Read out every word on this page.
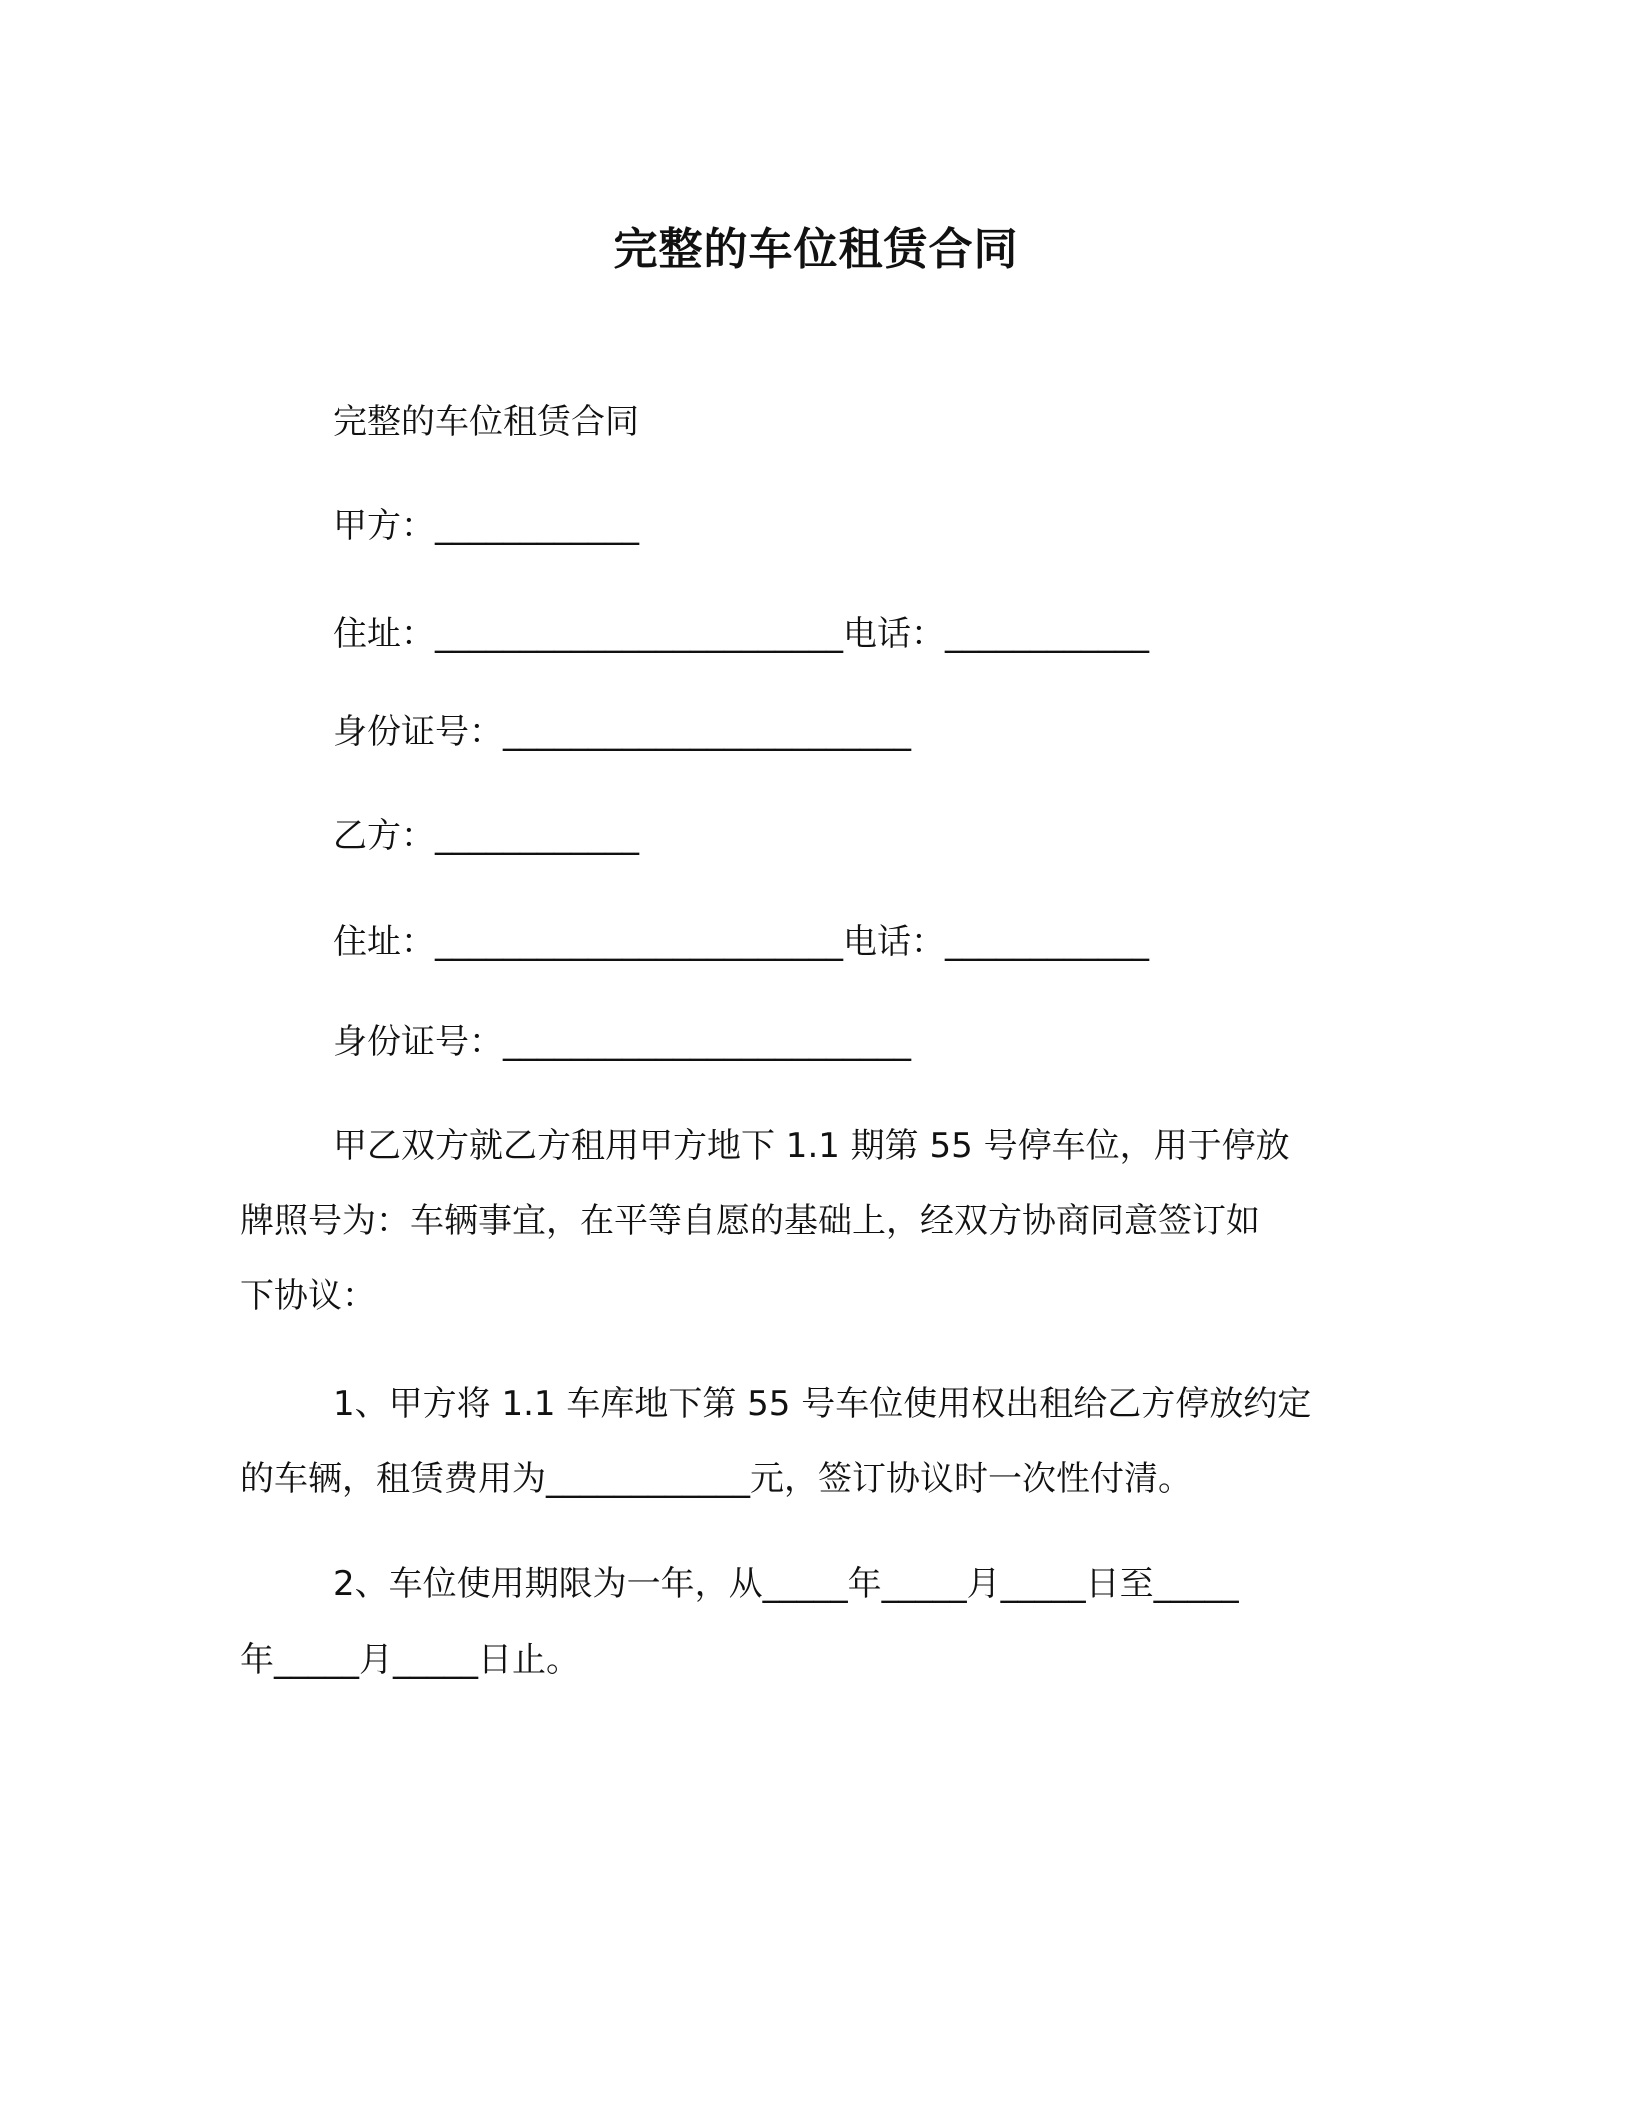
完整的车位租赁合同
完整的车位租赁合同
甲方：____________
住址：________________________电话：____________
身份证号：________________________
乙方：____________
住址：________________________电话：____________
身份证号：________________________
甲乙双方就乙方租用甲方地下 1.1 期第 55 号停车位，用于停放
牌照号为：车辆事宜，在平等自愿的基础上，经双方协商同意签订如
下协议：
1、甲方将 1.1 车库地下第 55 号车位使用权出租给乙方停放约定
的车辆，租赁费用为____________元，签订协议时一次性付清。
2、车位使用期限为一年，从_____年_____月_____日至_____
年_____月_____日止。
